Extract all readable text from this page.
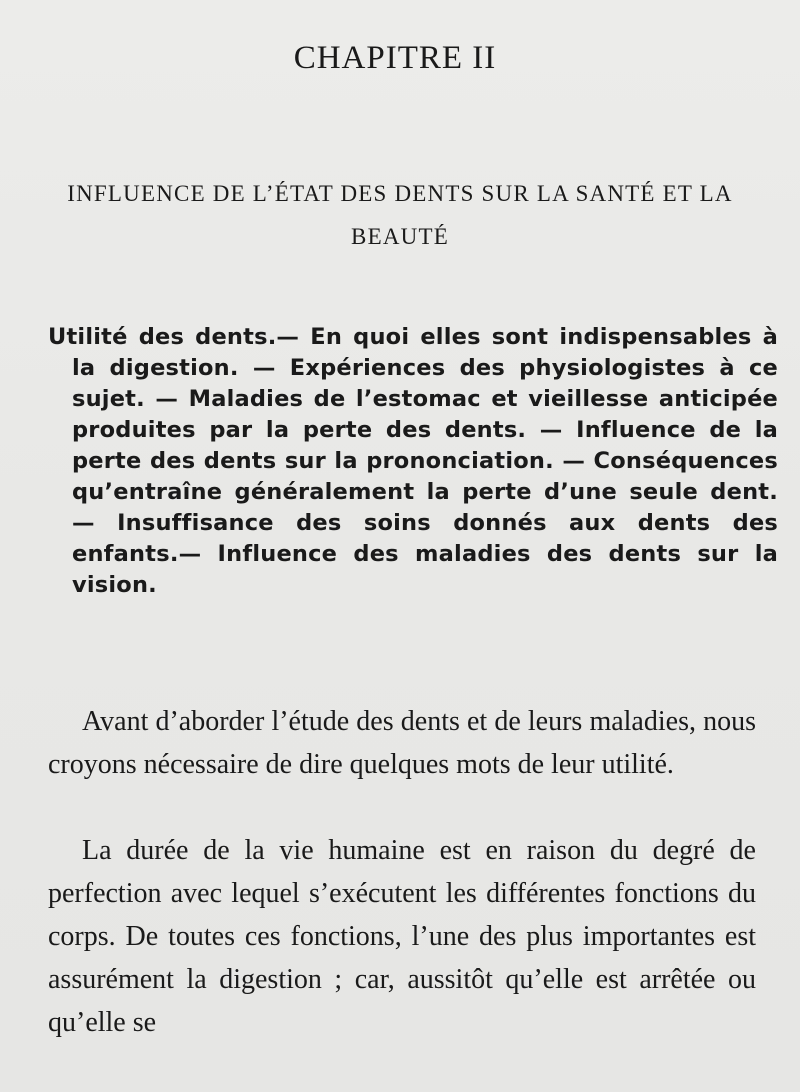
CHAPITRE II
INFLUENCE DE L’ÉTAT DES DENTS SUR LA SANTÉ ET LA BEAUTÉ

Utilité des dents.— En quoi elles sont indispensables à la digestion. — Expériences des physiologistes à ce sujet. — Maladies de l’estomac et vieillesse anticipée produites par la perte des dents. — Influence de la perte des dents sur la prononciation. — Conséquences qu’entraîne généralement la perte d’une seule dent. — Insuffisance des soins donnés aux dents des enfants.— Influence des maladies des dents sur la vision.

Avant d’aborder l’étude des dents et de leurs maladies, nous croyons nécessaire de dire quelques mots de leur utilité.

La durée de la vie humaine est en raison du degré de perfection avec lequel s’exécutent les différentes fonctions du corps. De toutes ces fonctions, l’une des plus importantes est assurément la digestion ; car, aussitôt qu’elle est arrêtée ou qu’elle se
